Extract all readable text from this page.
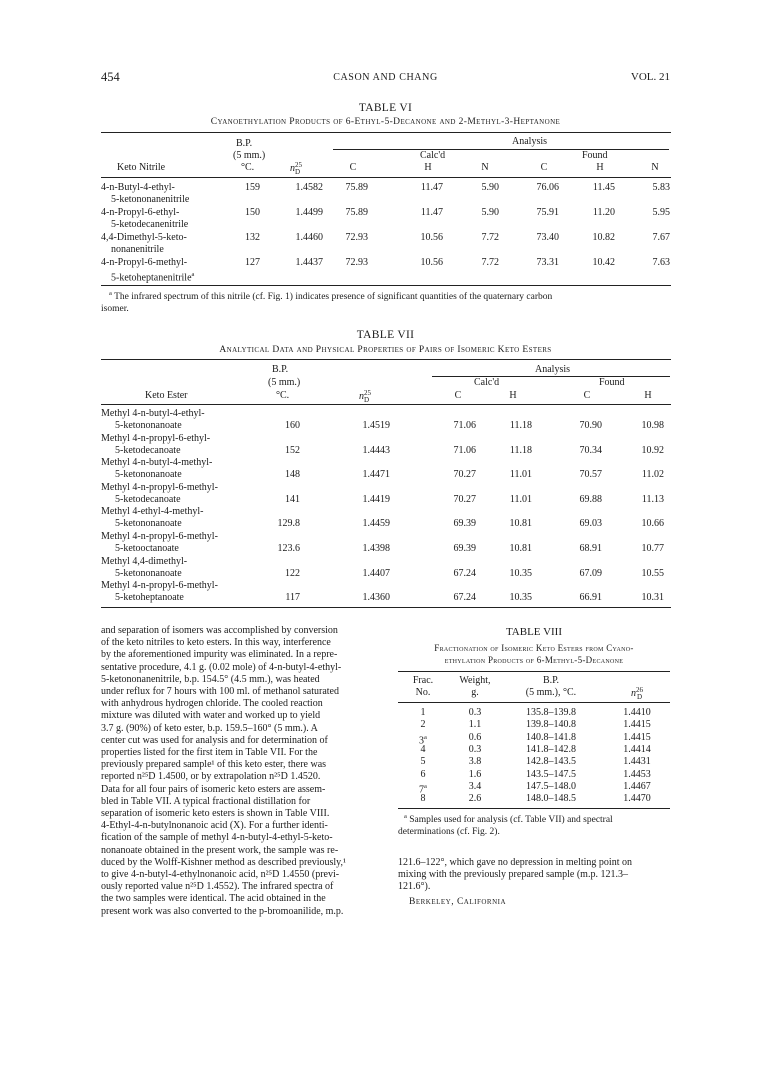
454	CASON AND CHANG	VOL. 21
TABLE VI
Cyanoethylation Products of 6-Ethyl-5-Decanone and 2-Methyl-3-Heptanone
B.P.
(5 mm.)
°C.
Analysis
Calc'd	Found
Keto Nitrile	n 25
D	C	H	N	C	H	N
4-n-Butyl-4-ethyl-
5-ketononanenitrile
159	1.4582	75.89	11.47	5.90	76.06	11.45	5.83
4-n-Propyl-6-ethyl-
5-ketodecanenitrile
150	1.4499	75.89	11.47	5.90	75.91	11.20	5.95
4,4-Dimethyl-5-keto-
nonanenitrile
132	1.4460	72.93	10.56	7.72	73.40	10.82	7.67
4-n-Propyl-6-methyl-
5-ketoheptanenitrile$^a$
127	1.4437	72.93	10.56	7.72	73.31	10.42	7.63
$^a$ The infrared spectrum of this nitrile (cf. Fig. 1) indicates presence of significant quantities of the quaternary carbon
isomer.
TABLE VII
Analytical Data and Physical Properties of Pairs of Isomeric Keto Esters
B.P.
(5 mm.)
°C.
Analysis
Calc'd	Found
Keto Ester	n 25
D	C	H	C	H
Methyl 4-n-butyl-4-ethyl-
5-ketononanoate	160	1.4519	71.06	11.18	70.90	10.98
Methyl 4-n-propyl-6-ethyl-
5-ketodecanoate	152	1.4443	71.06	11.18	70.34	10.92
Methyl 4-n-butyl-4-methyl-
5-ketononanoate	148	1.4471	70.27	11.01	70.57	11.02
Methyl 4-n-propyl-6-methyl-
5-ketodecanoate	141	1.4419	70.27	11.01	69.88	11.13
Methyl 4-ethyl-4-methyl-
5-ketononanoate	129.8	1.4459	69.39	10.81	69.03	10.66
Methyl 4-n-propyl-6-methyl-
5-ketooctanoate	123.6	1.4398	69.39	10.81	68.91	10.77
Methyl 4,4-dimethyl-
5-ketononanoate	122	1.4407	67.24	10.35	67.09	10.55
Methyl 4-n-propyl-6-methyl-
5-ketoheptanoate	117	1.4360	67.24	10.35	66.91	10.31
and separation of isomers was accomplished by conversion
of the keto nitriles to keto esters. In this way, interference
by the aforementioned impurity was eliminated. In a repre-
sentative procedure, 4.1 g. (0.02 mole) of 4-n-butyl-4-ethyl-
5-ketononanenitrile, b.p. 154.5° (4.5 mm.), was heated
under reflux for 7 hours with 100 ml. of methanol saturated
with anhydrous hydrogen chloride. The cooled reaction
mixture was diluted with water and worked up to yield
3.7 g. (90%) of keto ester, b.p. 159.5–160° (5 mm.). A
center cut was used for analysis and for determination of
properties listed for the first item in Table VII. For the
previously prepared sample¹ of this keto ester, there was
reported n²⁵D 1.4500, or by extrapolation n²⁵D 1.4520.
Data for all four pairs of isomeric keto esters are assem-
bled in Table VII. A typical fractional distillation for
separation of isomeric keto esters is shown in Table VIII.
4-Ethyl-4-n-butylnonanoic acid (X). For a further identi-
fication of the sample of methyl 4-n-butyl-4-ethyl-5-keto-
nonanoate obtained in the present work, the sample was re-
duced by the Wolff-Kishner method as described previously,¹
to give 4-n-butyl-4-ethylnonanoic acid, n²⁵D 1.4550 (previ-
ously reported value n²⁵D 1.4552). The infrared spectra of
the two samples were identical. The acid obtained in the
present work was also converted to the p-bromoanilide, m.p.
TABLE VIII
Fractionation of Isomeric Keto Esters from Cyano-
ethylation Products of 6-Methyl-5-Decanone
Frac.
No.
Weight,
g.
B.P.
(5 mm.), °C.	n 26
D
1	0.3	135.8–139.8	1.4410
2	1.1	139.8–140.8	1.4415
3$^a$	0.6	140.8–141.8	1.4415
4	0.3	141.8–142.8	1.4414
5	3.8	142.8–143.5	1.4431
6	1.6	143.5–147.5	1.4453
7$^a$	3.4	147.5–148.0	1.4467
8	2.6	148.0–148.5	1.4470
$^a$ Samples used for analysis (cf. Table VII) and spectral
determinations (cf. Fig. 2).
121.6–122°, which gave no depression in melting point on
mixing with the previously prepared sample (m.p. 121.3–
121.6°).
Berkeley, California
